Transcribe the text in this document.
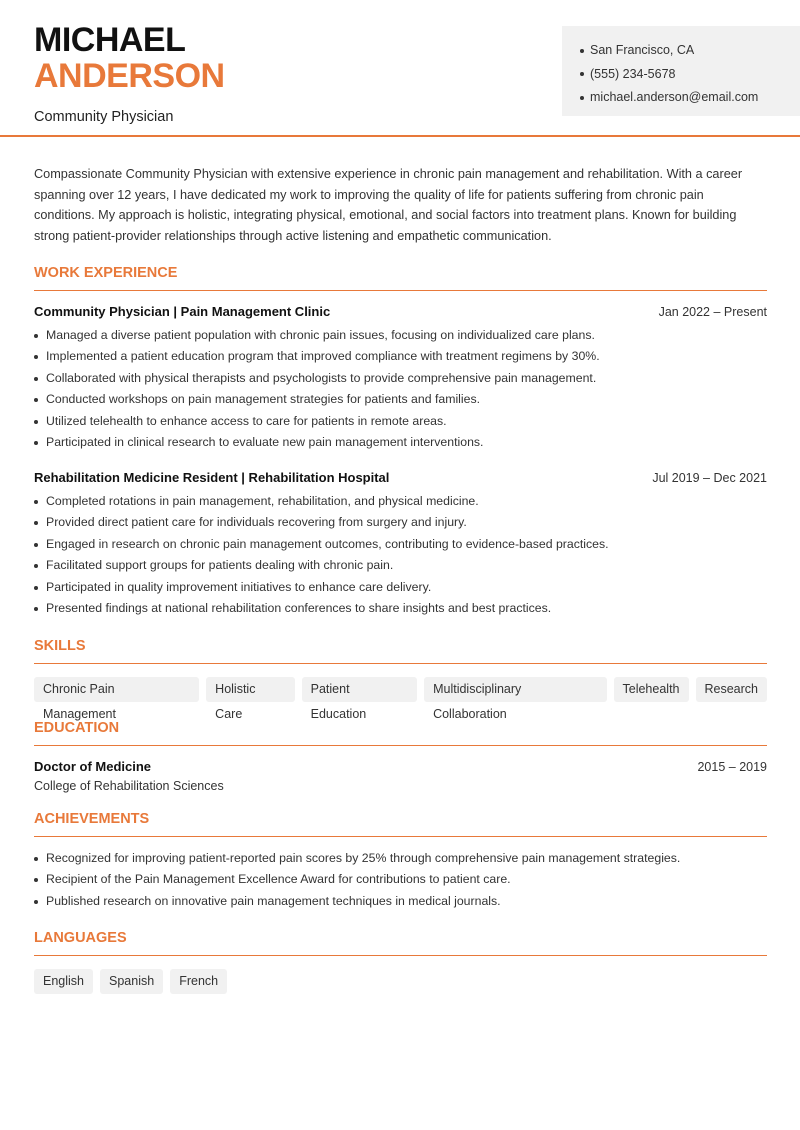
MICHAEL
ANDERSON
Community Physician
San Francisco, CA
(555) 234-5678
michael.anderson@email.com

Compassionate Community Physician with extensive experience in chronic pain management and rehabilitation. With a career spanning over 12 years, I have dedicated my work to improving the quality of life for patients suffering from chronic pain conditions. My approach is holistic, integrating physical, emotional, and social factors into treatment plans. Known for building strong patient-provider relationships through active listening and empathetic communication.

WORK EXPERIENCE
Community Physician | Pain Management Clinic	Jan 2022 – Present
Managed a diverse patient population with chronic pain issues, focusing on individualized care plans.
Implemented a patient education program that improved compliance with treatment regimens by 30%.
Collaborated with physical therapists and psychologists to provide comprehensive pain management.
Conducted workshops on pain management strategies for patients and families.
Utilized telehealth to enhance access to care for patients in remote areas.
Participated in clinical research to evaluate new pain management interventions.
Rehabilitation Medicine Resident | Rehabilitation Hospital	Jul 2019 – Dec 2021
Completed rotations in pain management, rehabilitation, and physical medicine.
Provided direct patient care for individuals recovering from surgery and injury.
Engaged in research on chronic pain management outcomes, contributing to evidence-based practices.
Facilitated support groups for patients dealing with chronic pain.
Participated in quality improvement initiatives to enhance care delivery.
Presented findings at national rehabilitation conferences to share insights and best practices.
SKILLS
Chronic Pain Management
Holistic Care
Patient Education
Multidisciplinary Collaboration
Telehealth	Research
EDUCATION
Doctor of Medicine	2015 – 2019
College of Rehabilitation Sciences
ACHIEVEMENTS
Recognized for improving patient-reported pain scores by 25% through comprehensive pain management strategies.
Recipient of the Pain Management Excellence Award for contributions to patient care.
Published research on innovative pain management techniques in medical journals.
LANGUAGES
English	Spanish	French
